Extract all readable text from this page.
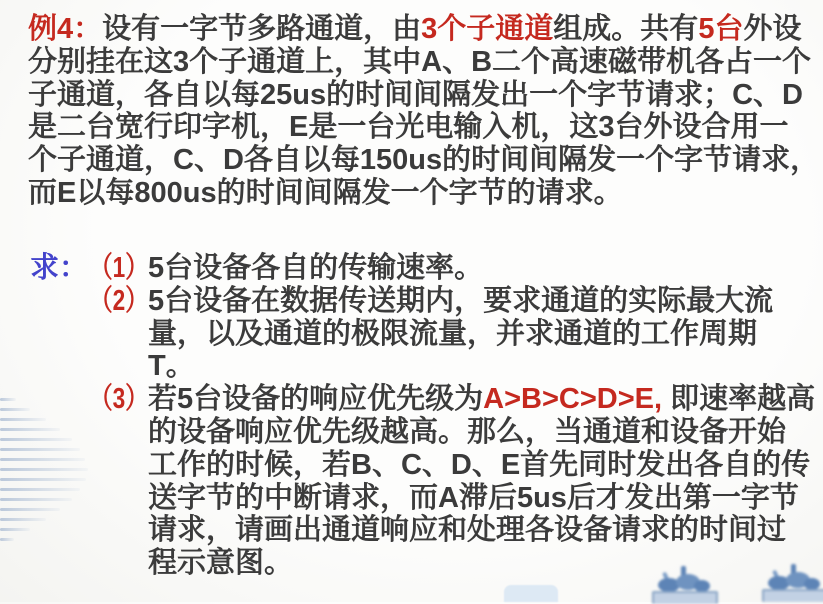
例4：设有一字节多路通道，由3个子通道组成。共有5台外设
分别挂在这3个子通道上，其中A、B二个高速磁带机各占一个
子通道，各自以每25us的时间间隔发出一个字节请求；C、D
是二台宽行印字机，E是一台光电输入机，这3台外设合用一
个子通道，C、D各自以每150us的时间间隔发一个字节请求，
而E以每800us的时间间隔发一个字节的请求。
求： （1） 5台设备各自的传输速率。
（2） 5台设备在数据传送期内，要求通道的实际最大流
量，以及通道的极限流量，并求通道的工作周期
T。
（3） 若5台设备的响应优先级为A>B>C>D>E, 即速率越高
的设备响应优先级越高。那么，当通道和设备开始
工作的时候，若B、C、D、E首先同时发出各自的传
送字节的中断请求，而A滞后5us后才发出第一字节
请求，请画出通道响应和处理各设备请求的时间过
程示意图。
